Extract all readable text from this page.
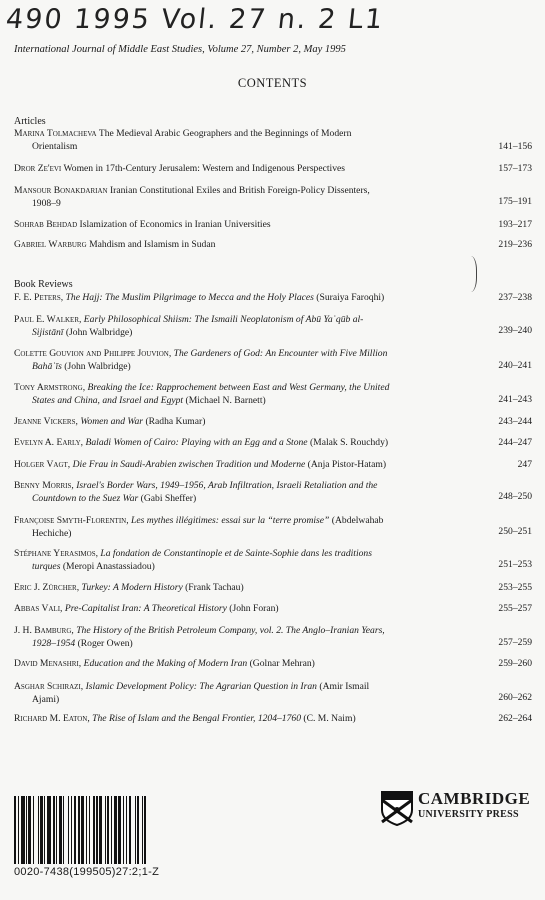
490 1995 Vol. 27 n. 2 L1
International Journal of Middle East Studies, Volume 27, Number 2, May 1995
CONTENTS
Articles
Marina Tolmacheva The Medieval Arabic Geographers and the Beginnings of Modern
Orientalism	141–156
Dror Ze'evi Women in 17th-Century Jerusalem: Western and Indigenous Perspectives	157–173
Mansour Bonakdarian Iranian Constitutional Exiles and British Foreign-Policy Dissenters,
1908–9	175–191
Sohrab Behdad Islamization of Economics in Iranian Universities	193–217
Gabriel Warburg Mahdism and Islamism in Sudan	219–236
Book Reviews
F. E. Peters, The Hajj: The Muslim Pilgrimage to Mecca and the Holy Places (Suraiya Faroqhi)	237–238
Paul E. Walker, Early Philosophical Shiism: The Ismaili Neoplatonism of Abū Yaʿqūb al-
Sijistānī (John Walbridge)	239–240
Colette Gouvion and Philippe Jouvion, The Gardeners of God: An Encounter with Five Million
Bahāʾīs (John Walbridge)	240–241
Tony Armstrong, Breaking the Ice: Rapprochement between East and West Germany, the United
States and China, and Israel and Egypt (Michael N. Barnett)	241–243
Jeanne Vickers, Women and War (Radha Kumar)	243–244
Evelyn A. Early, Baladi Women of Cairo: Playing with an Egg and a Stone (Malak S. Rouchdy)	244–247
Holger Vagt, Die Frau in Saudi-Arabien zwischen Tradition und Moderne (Anja Pistor-Hatam)	247
Benny Morris, Israel's Border Wars, 1949–1956, Arab Infiltration, Israeli Retaliation and the
Countdown to the Suez War (Gabi Sheffer)	248–250
Françoise Smyth-Florentin, Les mythes illégitimes: essai sur la “terre promise” (Abdelwahab
Hechiche)	250–251
Stéphane Yerasimos, La fondation de Constantinople et de Sainte-Sophie dans les traditions
turques (Meropi Anastassiadou)	251–253
Eric J. Zürcher, Turkey: A Modern History (Frank Tachau)	253–255
Abbas Vali, Pre-Capitalist Iran: A Theoretical History (John Foran)	255–257
J. H. Bamburg, The History of the British Petroleum Company, vol. 2. The Anglo–Iranian Years,
1928–1954 (Roger Owen)	257–259
David Menashri, Education and the Making of Modern Iran (Golnar Mehran)	259–260
Asghar Schirazi, Islamic Development Policy: The Agrarian Question in Iran (Amir Ismail
Ajami)	260–262
Richard M. Eaton, The Rise of Islam and the Bengal Frontier, 1204–1760 (C. M. Naim)	262–264
0020-7438(199505)27:2;1-Z
CAMBRIDGE
UNIVERSITY PRESS
